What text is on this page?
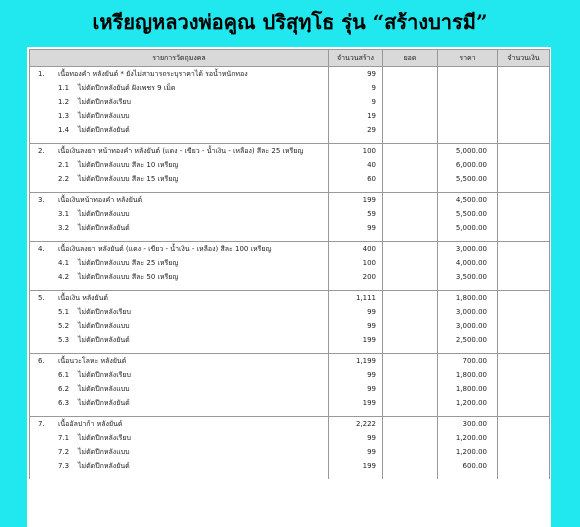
เหรียญหลวงพ่อคูณ ปริสุทฺโธ รุ่น “สร้างบารมี”
รายการวัตถุมงคล	จำนวนสร้าง	ยอด	ราคา	จำนวนเงิน
1. เนื้อทองคำ หลังยันต์ * ยังไม่สามารถระบุราคาได้ รอน้ำหนักทอง	99			
1.1 ไม่ตัดปีกหลังยันต์ ฝังเพชร 9 เม็ด	9			
1.2 ไม่ตัดปีกหลังเรียบ	9			
1.3 ไม่ตัดปีกหลังแบบ	19			
1.4 ไม่ตัดปีกหลังยันต์	29			

2. เนื้อเงินลงยา หน้าทองคำ หลังยันต์ (แดง - เขียว - น้ำเงิน - เหลือง) สีละ 25 เหรียญ	100		5,000.00	
2.1 ไม่ตัดปีกหลังแบบ สีละ 10 เหรียญ	40		6,000.00	
2.2 ไม่ตัดปีกหลังแบบ สีละ 15 เหรียญ	60		5,500.00	

3. เนื้อเงินหน้าทองคำ หลังยันต์	199		4,500.00	
3.1 ไม่ตัดปีกหลังแบบ	59		5,500.00	
3.2 ไม่ตัดปีกหลังยันต์	99		5,000.00	

4. เนื้อเงินลงยา หลังยันต์ (แดง - เขียว - น้ำเงิน - เหลือง) สีละ 100 เหรียญ	400		3,000.00	
4.1 ไม่ตัดปีกหลังแบบ สีละ 25 เหรียญ	100		4,000.00	
4.2 ไม่ตัดปีกหลังแบบ สีละ 50 เหรียญ	200		3,500.00	

5. เนื้อเงิน หลังยันต์	1,111		1,800.00	
5.1 ไม่ตัดปีกหลังเรียบ	99		3,000.00	
5.2 ไม่ตัดปีกหลังแบบ	99		3,000.00	
5.3 ไม่ตัดปีกหลังยันต์	199		2,500.00	

6. เนื้อนวะโลหะ หลังยันต์	1,199		700.00	
6.1 ไม่ตัดปีกหลังเรียบ	99		1,800.00	
6.2 ไม่ตัดปีกหลังแบบ	99		1,800.00	
6.3 ไม่ตัดปีกหลังยันต์	199		1,200.00	

7. เนื้ออัลปาก้า หลังยันต์	2,222		300.00	
7.1 ไม่ตัดปีกหลังเรียบ	99		1,200.00	
7.2 ไม่ตัดปีกหลังแบบ	99		1,200.00	
7.3 ไม่ตัดปีกหลังยันต์	199		600.00	
